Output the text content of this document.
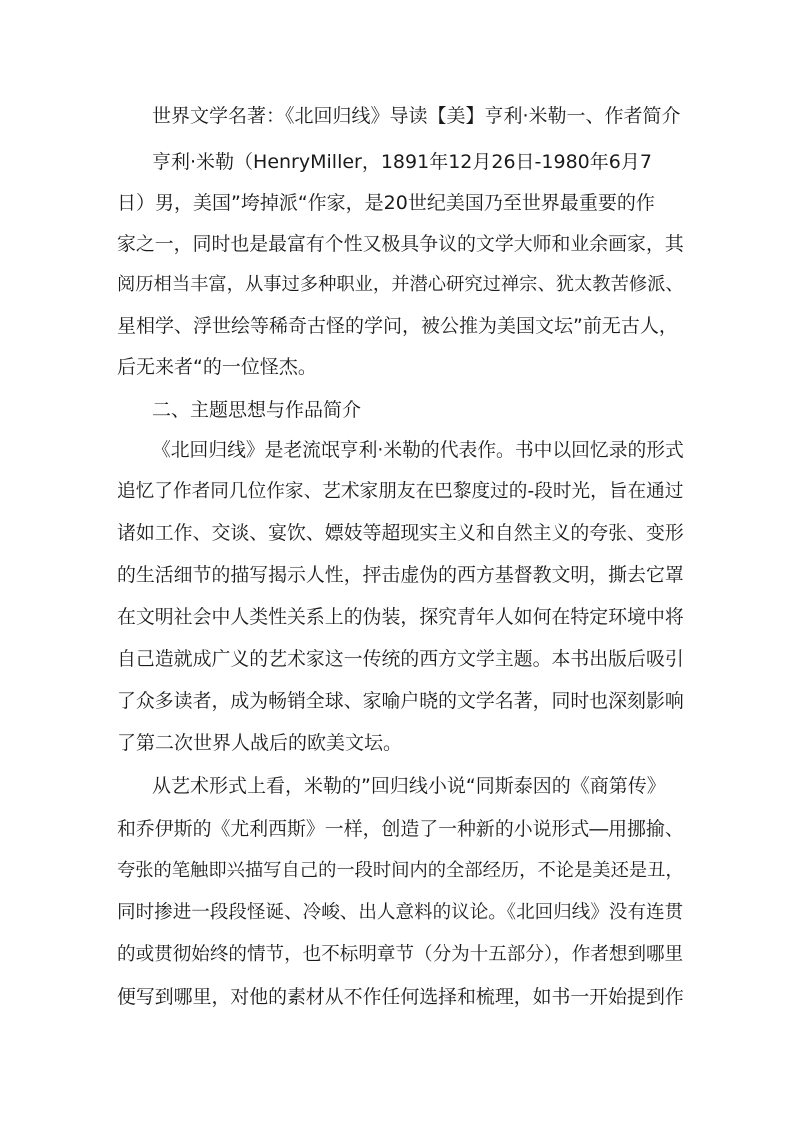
世界文学名著：《北回归线》导读【美】亨利·米勒一、作者简介
亨利·米勒（HenryMiller，1891年12月26日-1980年6月7
日）男，美国”垮掉派“作家，是20世纪美国乃至世界最重要的作
家之一，同时也是最富有个性又极具争议的文学大师和业余画家，其
阅历相当丰富，从事过多种职业，并潜心研究过禅宗、犹太教苦修派、
星相学、浮世绘等稀奇古怪的学问，被公推为美国文坛”前无古人，
后无来者“的一位怪杰。
二、主题思想与作品简介
《北回归线》是老流氓亨利·米勒的代表作。书中以回忆录的形式
追忆了作者同几位作家、艺术家朋友在巴黎度过的-段时光，旨在通过
诸如工作、交谈、宴饮、嫖妓等超现实主义和自然主义的夸张、变形
的生活细节的描写揭示人性，抨击虚伪的西方基督教文明，撕去它罩
在文明社会中人类性关系上的伪装，探究青年人如何在特定环境中将
自己造就成广义的艺术家这一传统的西方文学主题。本书出版后吸引
了众多读者，成为畅销全球、家喻户晓的文学名著，同时也深刻影响
了第二次世界人战后的欧美文坛。
从艺术形式上看，米勒的”回归线小说“同斯泰因的《商第传》
和乔伊斯的《尤利西斯》一样，创造了一种新的小说形式―用挪揄、
夸张的笔触即兴描写自己的一段时间内的全部经历，不论是美还是丑，
同时掺进一段段怪诞、冷峻、出人意料的议论。《北回归线》没有连贯
的或贯彻始终的情节，也不标明章节（分为十五部分），作者想到哪里
便写到哪里，对他的素材从不作任何选择和梳理，如书一开始提到作
